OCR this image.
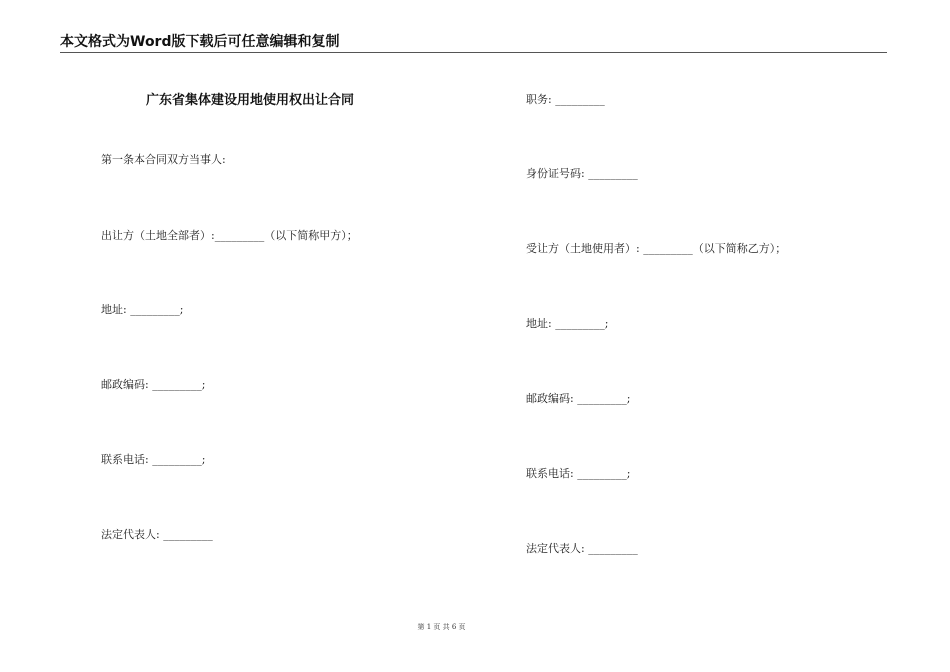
本文格式为Word版下载后可任意编辑和复制
广东省集体建设用地使用权出让合同
第一条本合同双方当事人:
出让方（土地全部者）:_________（以下简称甲方）；
地址: _________;
邮政编码: _________;
联系电话: _________;
法定代表人: _________
职务: _________
身份证号码: _________
受让方（土地使用者）: _________（以下简称乙方）；
地址: _________;
邮政编码: _________;
联系电话: _________;
法定代表人: _________
第 1 页 共 6 页
